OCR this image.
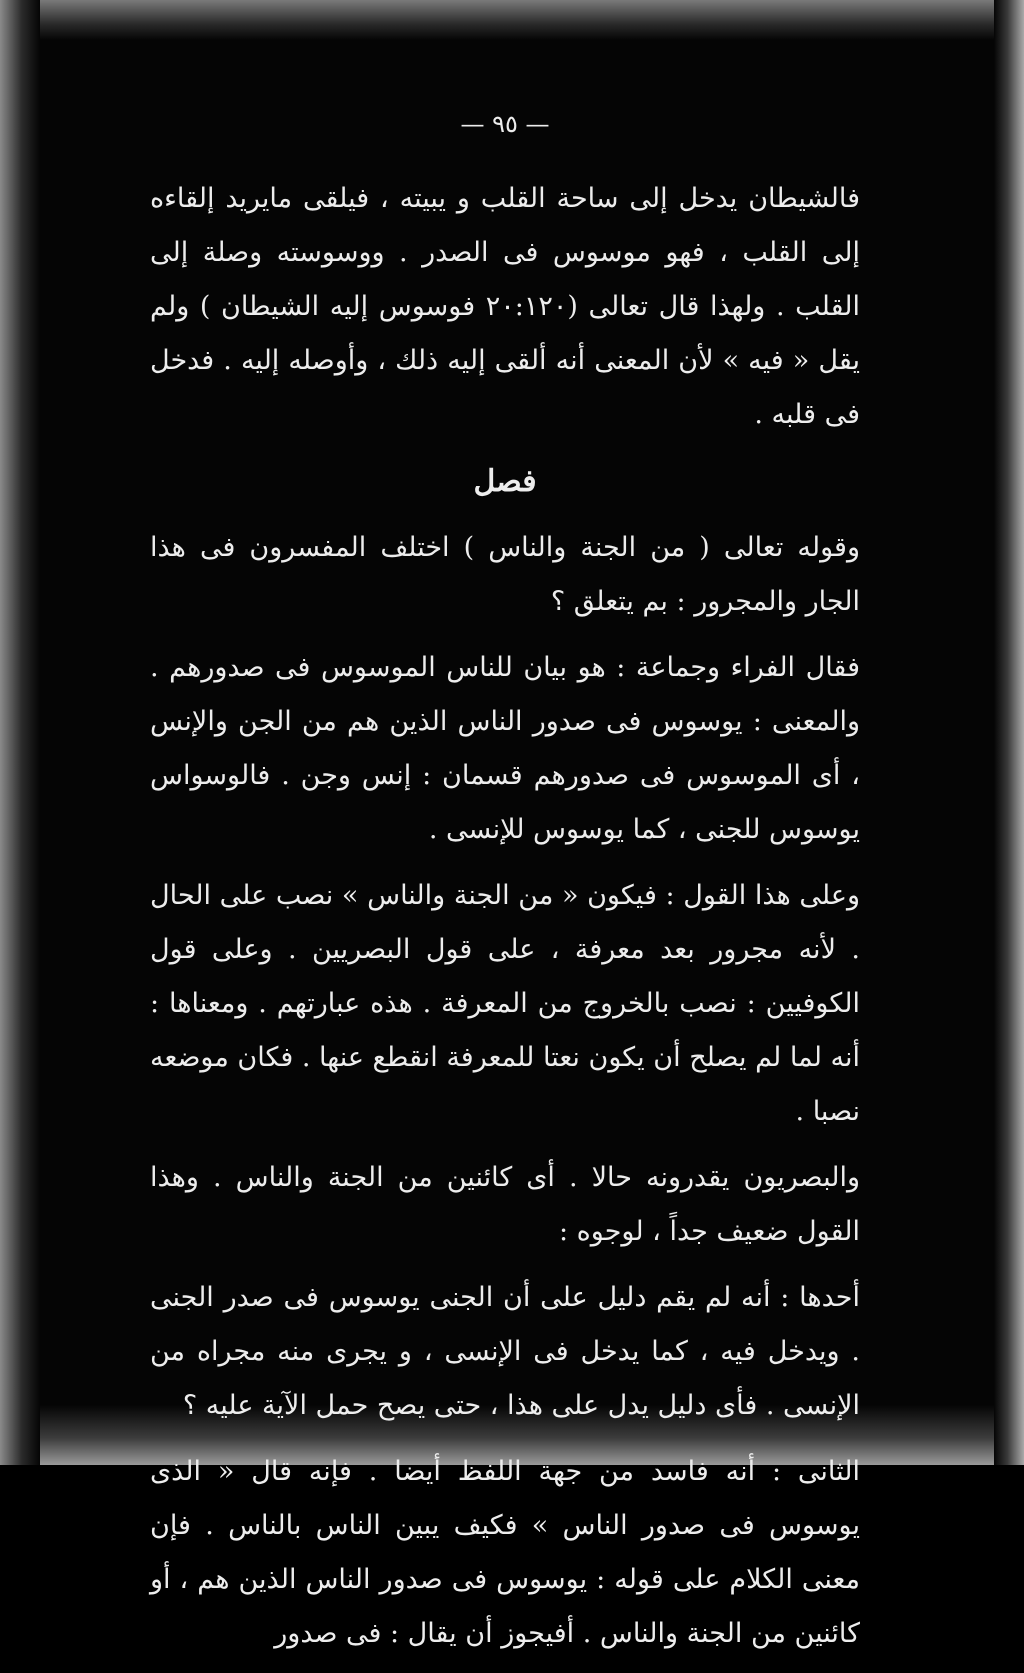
— ٩٥ —

فالشيطان يدخل إلى ساحة القلب و يبيته ، فيلقى مايريد إلقاءه إلى القلب ، فهو موسوس فى الصدر . ووسوسته وصلة إلى القلب . ولهذا قال تعالى (٢٠:١٢٠ فوسوس إليه الشيطان ) ولم يقل « فيه » لأن المعنى أنه ألقى إليه ذلك ، وأوصله إليه . فدخل فى قلبه .

فصل

وقوله تعالى ( من الجنة والناس ) اختلف المفسرون فى هذا الجار والمجرور : بم يتعلق ؟

فقال الفراء وجماعة : هو بيان للناس الموسوس فى صدورهم . والمعنى : يوسوس فى صدور الناس الذين هم من الجن والإنس ، أى الموسوس فى صدورهم قسمان : إنس وجن . فالوسواس يوسوس للجنى ، كما يوسوس للإنسى .

وعلى هذا القول : فيكون « من الجنة والناس » نصب على الحال . لأنه مجرور بعد معرفة ، على قول البصريين . وعلى قول الكوفيين : نصب بالخروج من المعرفة . هذه عبارتهم . ومعناها : أنه لما لم يصلح أن يكون نعتا للمعرفة انقطع عنها . فكان موضعه نصبا .

والبصريون يقدرونه حالا . أى كائنين من الجنة والناس . وهذا القول ضعيف جداً ، لوجوه :

أحدها : أنه لم يقم دليل على أن الجنى يوسوس فى صدر الجنى . ويدخل فيه ، كما يدخل فى الإنسى ، و يجرى منه مجراه من الإنسى . فأى دليل يدل على هذا ، حتى يصح حمل الآية عليه ؟

الثانى : أنه فاسد من جهة اللفظ أيضا . فإنه قال « الذى يوسوس فى صدور الناس » فكيف يبين الناس بالناس . فإن معنى الكلام على قوله : يوسوس فى صدور الناس الذين هم ، أو كائنين من الجنة والناس . أفيجوز أن يقال : فى صدور
